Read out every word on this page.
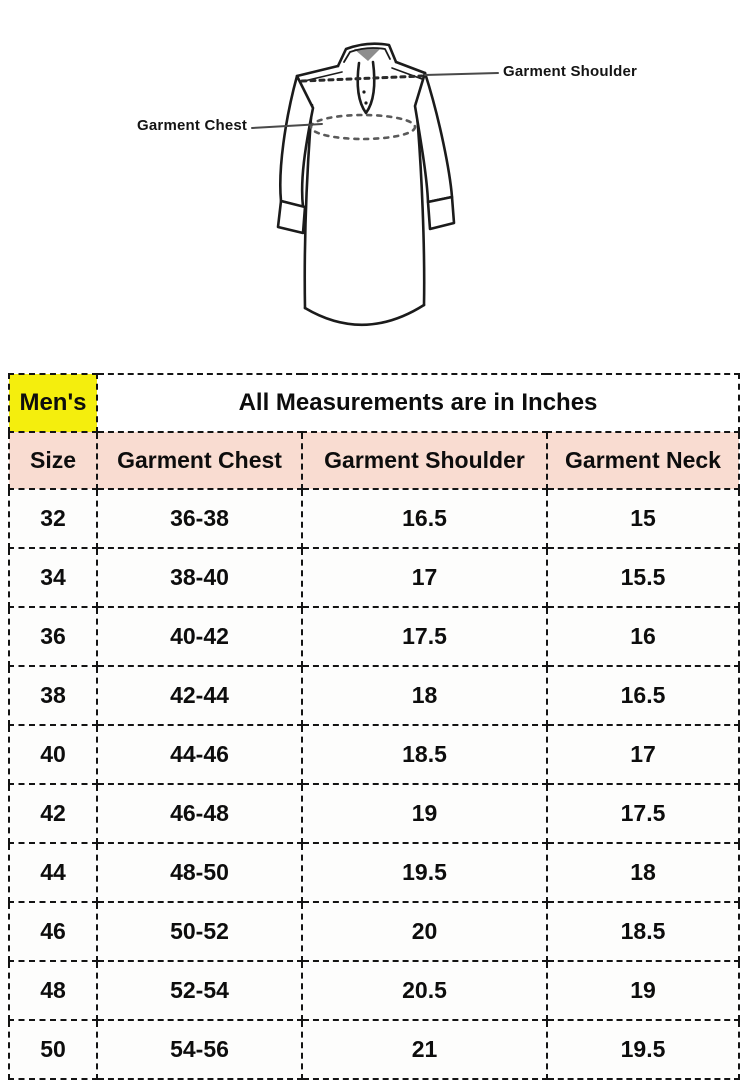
Garment Chest
Garment Shoulder
Men's	All Measurements are in Inches		
Size	Garment Chest	Garment Shoulder	Garment Neck
32	36-38	16.5	15
34	38-40	17	15.5
36	40-42	17.5	16
38	42-44	18	16.5
40	44-46	18.5	17
42	46-48	19	17.5
44	48-50	19.5	18
46	50-52	20	18.5
48	52-54	20.5	19
50	54-56	21	19.5
